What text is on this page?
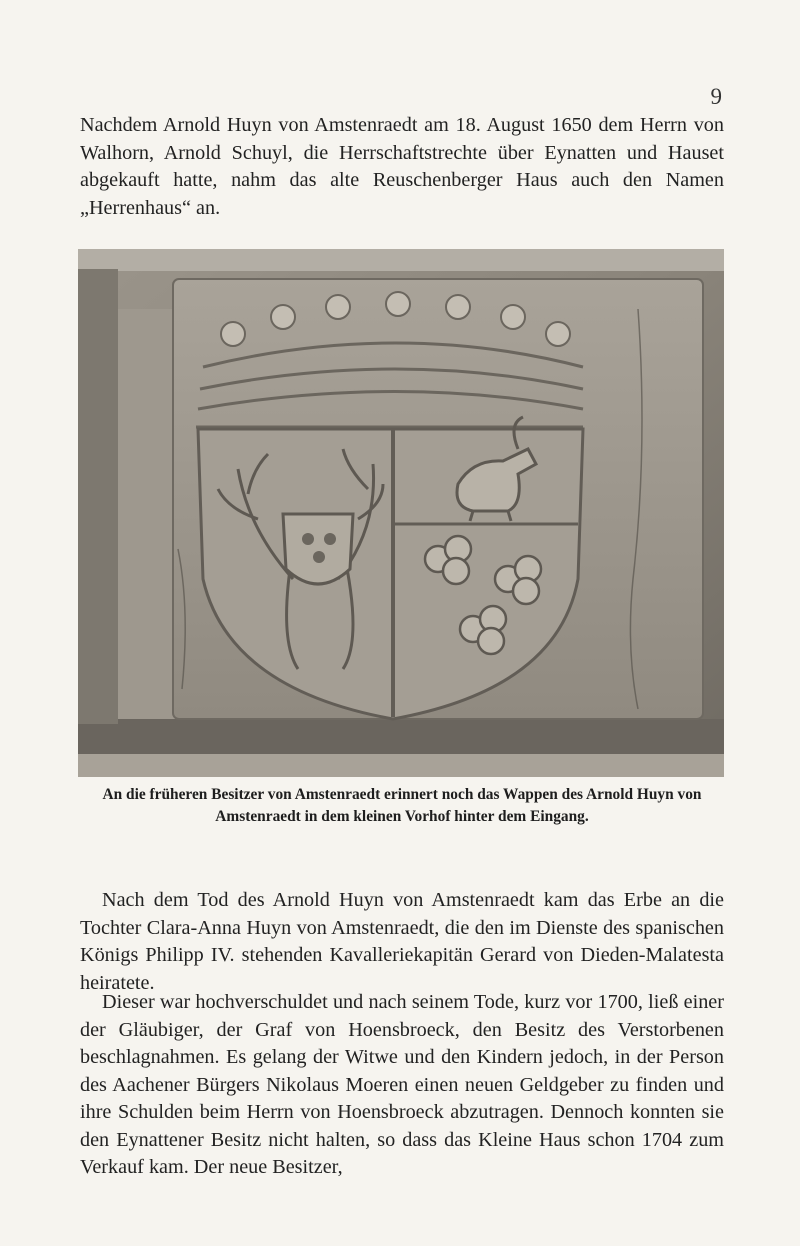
9

Nachdem Arnold Huyn von Amstenraedt am 18. August 1650 dem Herrn von Walhorn, Arnold Schuyl, die Herrschaftstrechte über Eynatten und Hauset abgekauft hatte, nahm das alte Reuschenberger Haus auch den Namen „Herrenhaus“ an.

An die früheren Besitzer von Amstenraedt erinnert noch das Wappen des Arnold Huyn von Amstenraedt in dem kleinen Vorhof hinter dem Eingang.

Nach dem Tod des Arnold Huyn von Amstenraedt kam das Erbe an die Tochter Clara-Anna Huyn von Amstenraedt, die den im Dienste des spanischen Königs Philipp IV. stehenden Kavalleriekapitän Gerard von Dieden-Malatesta heiratete.

Dieser war hochverschuldet und nach seinem Tode, kurz vor 1700, ließ einer der Gläubiger, der Graf von Hoensbroeck, den Besitz des Verstorbenen beschlagnahmen. Es gelang der Witwe und den Kindern jedoch, in der Person des Aachener Bürgers Nikolaus Moeren einen neuen Geldgeber zu finden und ihre Schulden beim Herrn von Hoensbroeck abzutragen. Dennoch konnten sie den Eynattener Besitz nicht halten, so dass das Kleine Haus schon 1704 zum Verkauf kam. Der neue Besitzer,
